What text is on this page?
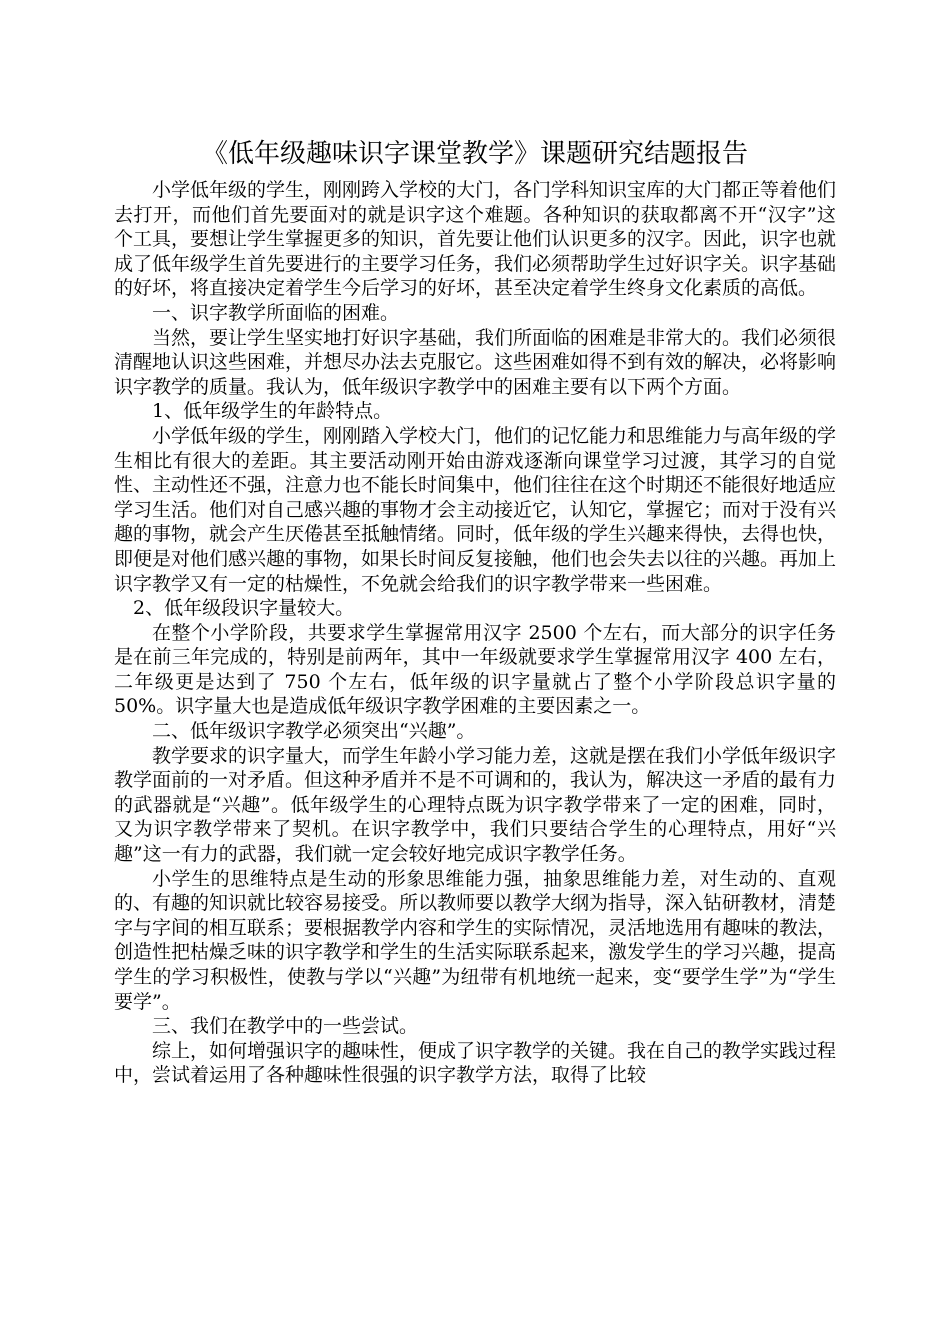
《低年级趣味识字课堂教学》课题研究结题报告

小学低年级的学生，刚刚跨入学校的大门，各门学科知识宝库的大门都正等着他们去打开，而他们首先要面对的就是识字这个难题。各种知识的获取都离不开“汉字”这个工具，要想让学生掌握更多的知识，首先要让他们认识更多的汉字。因此，识字也就成了低年级学生首先要进行的主要学习任务，我们必须帮助学生过好识字关。识字基础的好坏，将直接决定着学生今后学习的好坏，甚至决定着学生终身文化素质的高低。

一、识字教学所面临的困难。

当然，要让学生坚实地打好识字基础，我们所面临的困难是非常大的。我们必须很清醒地认识这些困难，并想尽办法去克服它。这些困难如得不到有效的解决，必将影响识字教学的质量。我认为，低年级识字教学中的困难主要有以下两个方面。

1、低年级学生的年龄特点。

小学低年级的学生，刚刚踏入学校大门，他们的记忆能力和思维能力与高年级的学生相比有很大的差距。其主要活动刚开始由游戏逐渐向课堂学习过渡，其学习的自觉性、主动性还不强，注意力也不能长时间集中，他们往往在这个时期还不能很好地适应学习生活。他们对自己感兴趣的事物才会主动接近它，认知它，掌握它；而对于没有兴趣的事物，就会产生厌倦甚至抵触情绪。同时，低年级的学生兴趣来得快，去得也快，即便是对他们感兴趣的事物，如果长时间反复接触，他们也会失去以往的兴趣。再加上识字教学又有一定的枯燥性，不免就会给我们的识字教学带来一些困难。

2、低年级段识字量较大。

在整个小学阶段，共要求学生掌握常用汉字 2500 个左右，而大部分的识字任务是在前三年完成的，特别是前两年，其中一年级就要求学生掌握常用汉字 400 左右，二年级更是达到了 750 个左右，低年级的识字量就占了整个小学阶段总识字量的 50%。识字量大也是造成低年级识字教学困难的主要因素之一。

二、低年级识字教学必须突出“兴趣”。

教学要求的识字量大，而学生年龄小学习能力差，这就是摆在我们小学低年级识字教学面前的一对矛盾。但这种矛盾并不是不可调和的，我认为，解决这一矛盾的最有力的武器就是“兴趣”。低年级学生的心理特点既为识字教学带来了一定的困难，同时，又为识字教学带来了契机。在识字教学中，我们只要结合学生的心理特点，用好“兴趣”这一有力的武器，我们就一定会较好地完成识字教学任务。

小学生的思维特点是生动的形象思维能力强，抽象思维能力差，对生动的、直观的、有趣的知识就比较容易接受。所以教师要以教学大纲为指导，深入钻研教材，清楚字与字间的相互联系；要根据教学内容和学生的实际情况，灵活地选用有趣味的教法，创造性把枯燥乏味的识字教学和学生的生活实际联系起来，激发学生的学习兴趣，提高学生的学习积极性，使教与学以“兴趣”为纽带有机地统一起来，变“要学生学”为“学生要学”。

三、我们在教学中的一些尝试。

综上，如何增强识字的趣味性，便成了识字教学的关键。我在自己的教学实践过程中，尝试着运用了各种趣味性很强的识字教学方法，取得了比较
